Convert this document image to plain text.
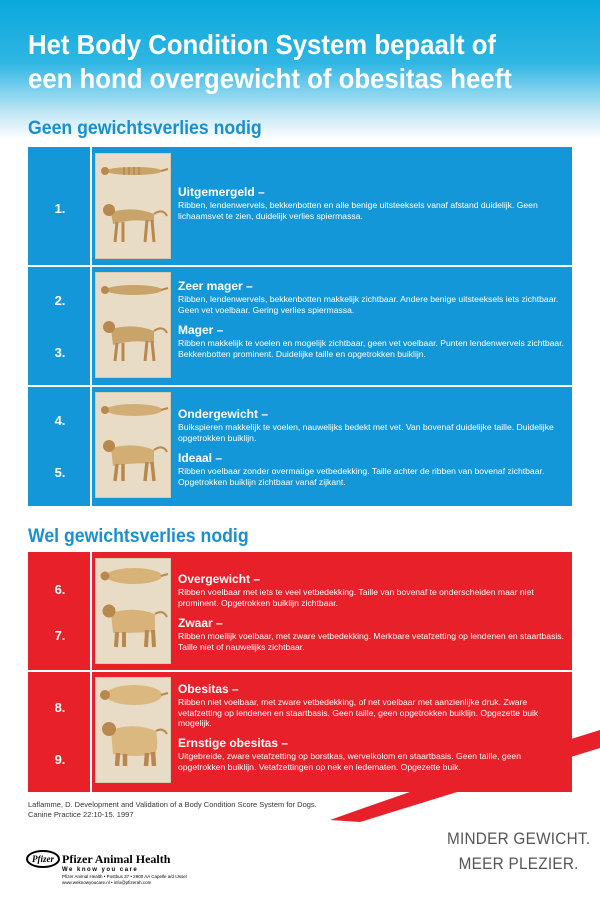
Het Body Condition System bepaalt of
een hond overgewicht of obesitas heeft
Geen gewichtsverlies nodig
1.
2.
3.
4.
5.
Uitgemergeld –
Ribben, lendenwervels, bekkenbotten en alle benige uitsteeksels vanaf afstand duidelijk. Geen lichaamsvet te zien, duidelijk verlies spiermassa.
Zeer mager –
Ribben, lendenwervels, bekkenbotten makkelijk zichtbaar. Andere benige uitsteeksels iets zichtbaar. Geen vet voelbaar. Gering verlies spiermassa.
Mager –
Ribben makkelijk te voelen en mogelijk zichtbaar, geen vet voelbaar. Punten lendenwervels zichtbaar. Bekkenbotten prominent. Duidelijke taille en opgetrokken buiklijn.
Ondergewicht –
Buikspieren makkelijk te voelen, nauwelijks bedekt met vet. Van bovenaf duidelijke taille. Duidelijke opgetrokken buiklijn.
Ideaal –
Ribben voelbaar zonder overmatige vetbedekking. Taille achter de ribben van bovenaf zichtbaar. Opgetrokken buiklijn zichtbaar vanaf zijkant.
Wel gewichtsverlies nodig
6.
7.
8.
9.
Overgewicht –
Ribben voelbaar met iets te veel vetbedekking. Taille van bovenaf te onderscheiden maar niet prominent. Opgetrokken buiklijn zichtbaar.
Zwaar –
Ribben moeilijk voelbaar, met zware vetbedekking. Merkbare vetafzetting op lendenen en staartbasis. Taille niet of nauwelijks zichtbaar.
Obesitas –
Ribben niet voelbaar, met zware vetbedekking, of net voelbaar met aanzienlijke druk. Zware vetafzetting op lendenen en staartbasis. Geen taille, geen opgetrokken buiklijn. Opgezette buik mogelijk.
Ernstige obesitas –
Uitgebreide, zware vetafzetting op borstkas, wervelkolom en staartbasis. Geen taille, geen opgetrokken buiklijn. Vetafzettingen op nek en ledematen. Opgezette buik.
Laflamme, D. Development and Validation of a Body Condition Score System for Dogs.
Canine Practice 22:10-15. 1997
MINDER GEWICHT.
MEER PLEZIER.
Pfizer Pfizer Animal Health
We know you care
Pfizer Animal Health • Postbus 37 • 2900 AA Capelle a/d IJssel
www.weknowyoucare.nl • info@pfizerah.com
